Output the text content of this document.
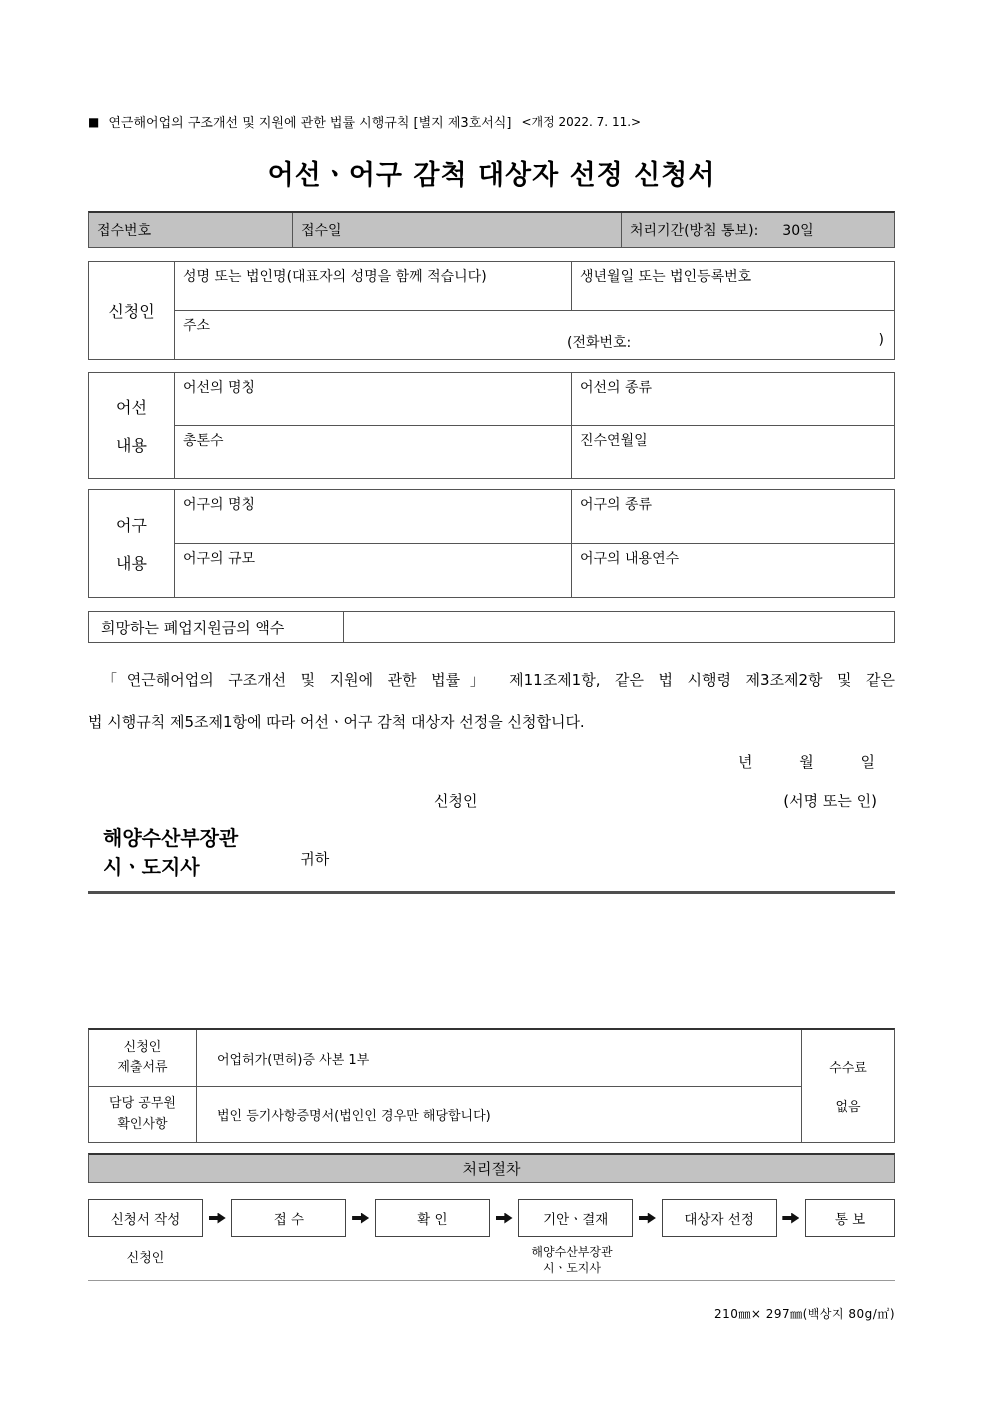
■ 연근해어업의 구조개선 및 지원에 관한 법률 시행규칙 [별지 제3호서식] <개정 2022. 7. 11.>
어선ㆍ어구 감척 대상자 선정 신청서
접수번호	접수일	처리기간(방침 통보): 30일
신청인
성명 또는 법인명(대표자의 성명을 함께 적습니다)	생년월일 또는 법인등록번호
주소
(전화번호:	)
어선
내용
어선의 명칭	어선의 종류
총톤수	진수연월일
어구
내용
어구의 명칭	어구의 종류
어구의 규모	어구의 내용연수
희망하는 폐업지원금의 액수
「연근해어업의 구조개선 및 지원에 관한 법률」 제11조제1항, 같은 법 시행령 제3조제2항 및 같은
법 시행규칙 제5조제1항에 따라 어선ㆍ어구 감척 대상자 선정을 신청합니다.
년	월	일
신청인	(서명 또는 인)
해양수산부장관
시ㆍ도지사	귀하
신청인
제출서류	어업허가(면허)증 사본 1부
수수료
없음
담당 공무원
확인사항	법인 등기사항증명서(법인인 경우만 해당합니다)
처리절차
신청서 작성	접 수	확 인	기안ㆍ결재	대상자 선정	통 보
신청인	해양수산부장관
시ㆍ도지사
210㎜× 297㎜(백상지 80g/㎡)
